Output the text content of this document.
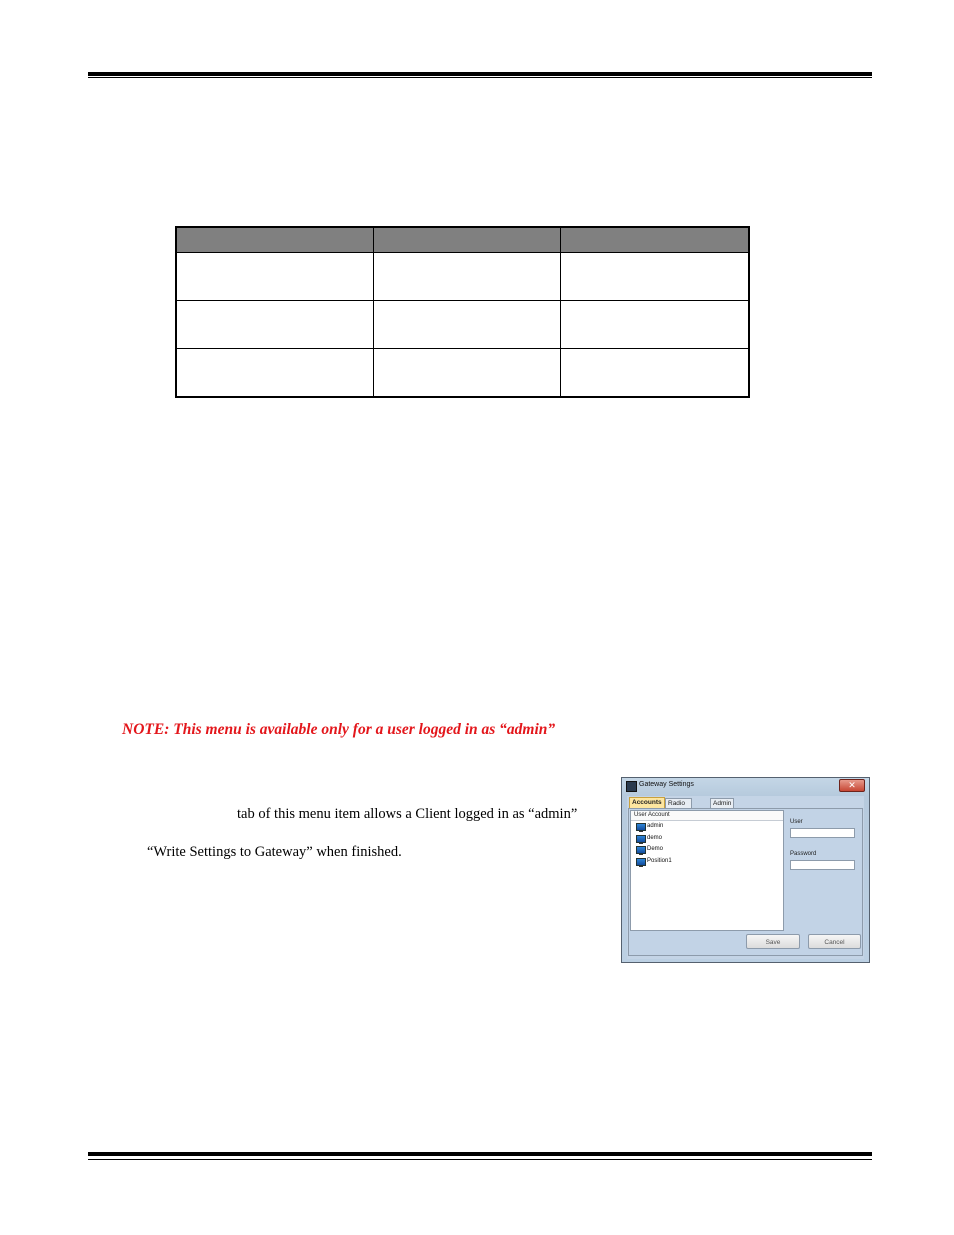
NOTE: This menu is available only for a user logged in as “admin”

tab of this menu item allows a Client logged in as “admin”

“Write Settings to Gateway” when finished.

Gateway Settings	✕
Accounts Radio	Admin
User Account
admin
demo
Demo
Position1
User
Password
Save	Cancel
